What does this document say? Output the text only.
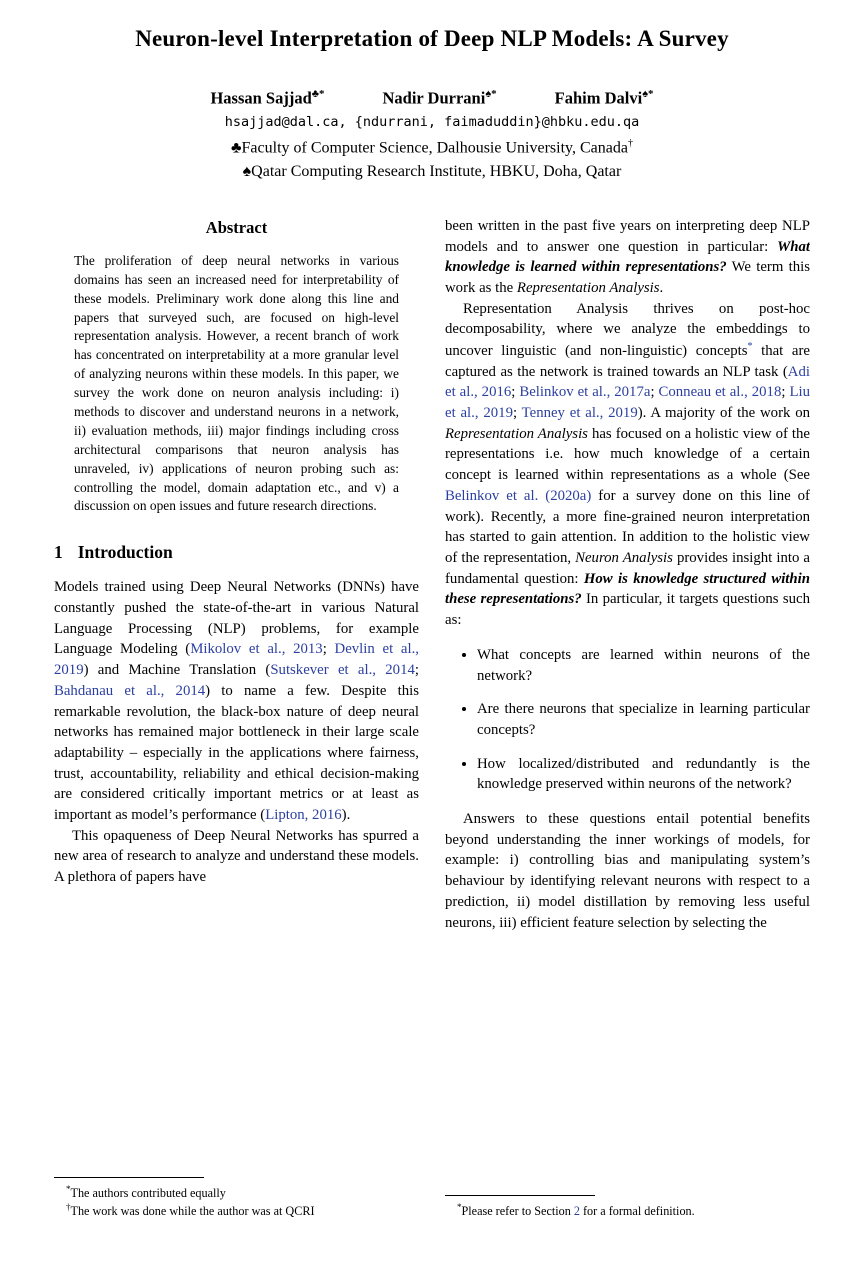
Neuron-level Interpretation of Deep NLP Models: A Survey
Hassan Sajjad♣*	Nadir Durrani♠*	Fahim Dalvi♠*
hsajjad@dal.ca, {ndurrani, faimaduddin}@hbku.edu.qa
♣Faculty of Computer Science, Dalhousie University, Canada†
♠Qatar Computing Research Institute, HBKU, Doha, Qatar
Abstract

The proliferation of deep neural networks in various domains has seen an increased need for interpretability of these models. Preliminary work done along this line and papers that surveyed such, are focused on high-level representation analysis. However, a recent branch of work has concentrated on interpretability at a more granular level of analyzing neurons within these models. In this paper, we survey the work done on neuron analysis including: i) methods to discover and understand neurons in a network, ii) evaluation methods, iii) major findings including cross architectural comparisons that neuron analysis has unraveled, iv) applications of neuron probing such as: controlling the model, domain adaptation etc., and v) a discussion on open issues and future research directions.

1 Introduction

Models trained using Deep Neural Networks (DNNs) have constantly pushed the state-of-the-art in various Natural Language Processing (NLP) problems, for example Language Modeling (Mikolov et al., 2013; Devlin et al., 2019) and Machine Translation (Sutskever et al., 2014; Bahdanau et al., 2014) to name a few. Despite this remarkable revolution, the black-box nature of deep neural networks has remained major bottleneck in their large scale adaptability – especially in the applications where fairness, trust, accountability, reliability and ethical decision-making are considered critically important metrics or at least as important as model’s performance (Lipton, 2016).

This opaqueness of Deep Neural Networks has spurred a new area of research to analyze and understand these models. A plethora of papers have

*The authors contributed equally

†The work was done while the author was at QCRI

been written in the past five years on interpreting deep NLP models and to answer one question in particular: What knowledge is learned within representations? We term this work as the Representation Analysis.

Representation Analysis thrives on post-hoc decomposability, where we analyze the embeddings to uncover linguistic (and non-linguistic) concepts* that are captured as the network is trained towards an NLP task (Adi et al., 2016; Belinkov et al., 2017a; Conneau et al., 2018; Liu et al., 2019; Tenney et al., 2019). A majority of the work on Representation Analysis has focused on a holistic view of the representations i.e. how much knowledge of a certain concept is learned within representations as a whole (See Belinkov et al. (2020a) for a survey done on this line of work). Recently, a more fine-grained neuron interpretation has started to gain attention. In addition to the holistic view of the representation, Neuron Analysis provides insight into a fundamental question: How is knowledge structured within these representations? In particular, it targets questions such as:

• What concepts are learned within neurons of the network?
• Are there neurons that specialize in learning particular concepts?
• How localized/distributed and redundantly is the knowledge preserved within neurons of the network?

Answers to these questions entail potential benefits beyond understanding the inner workings of models, for example: i) controlling bias and manipulating system’s behaviour by identifying relevant neurons with respect to a prediction, ii) model distillation by removing less useful neurons, iii) efficient feature selection by selecting the

*Please refer to Section 2 for a formal definition.
